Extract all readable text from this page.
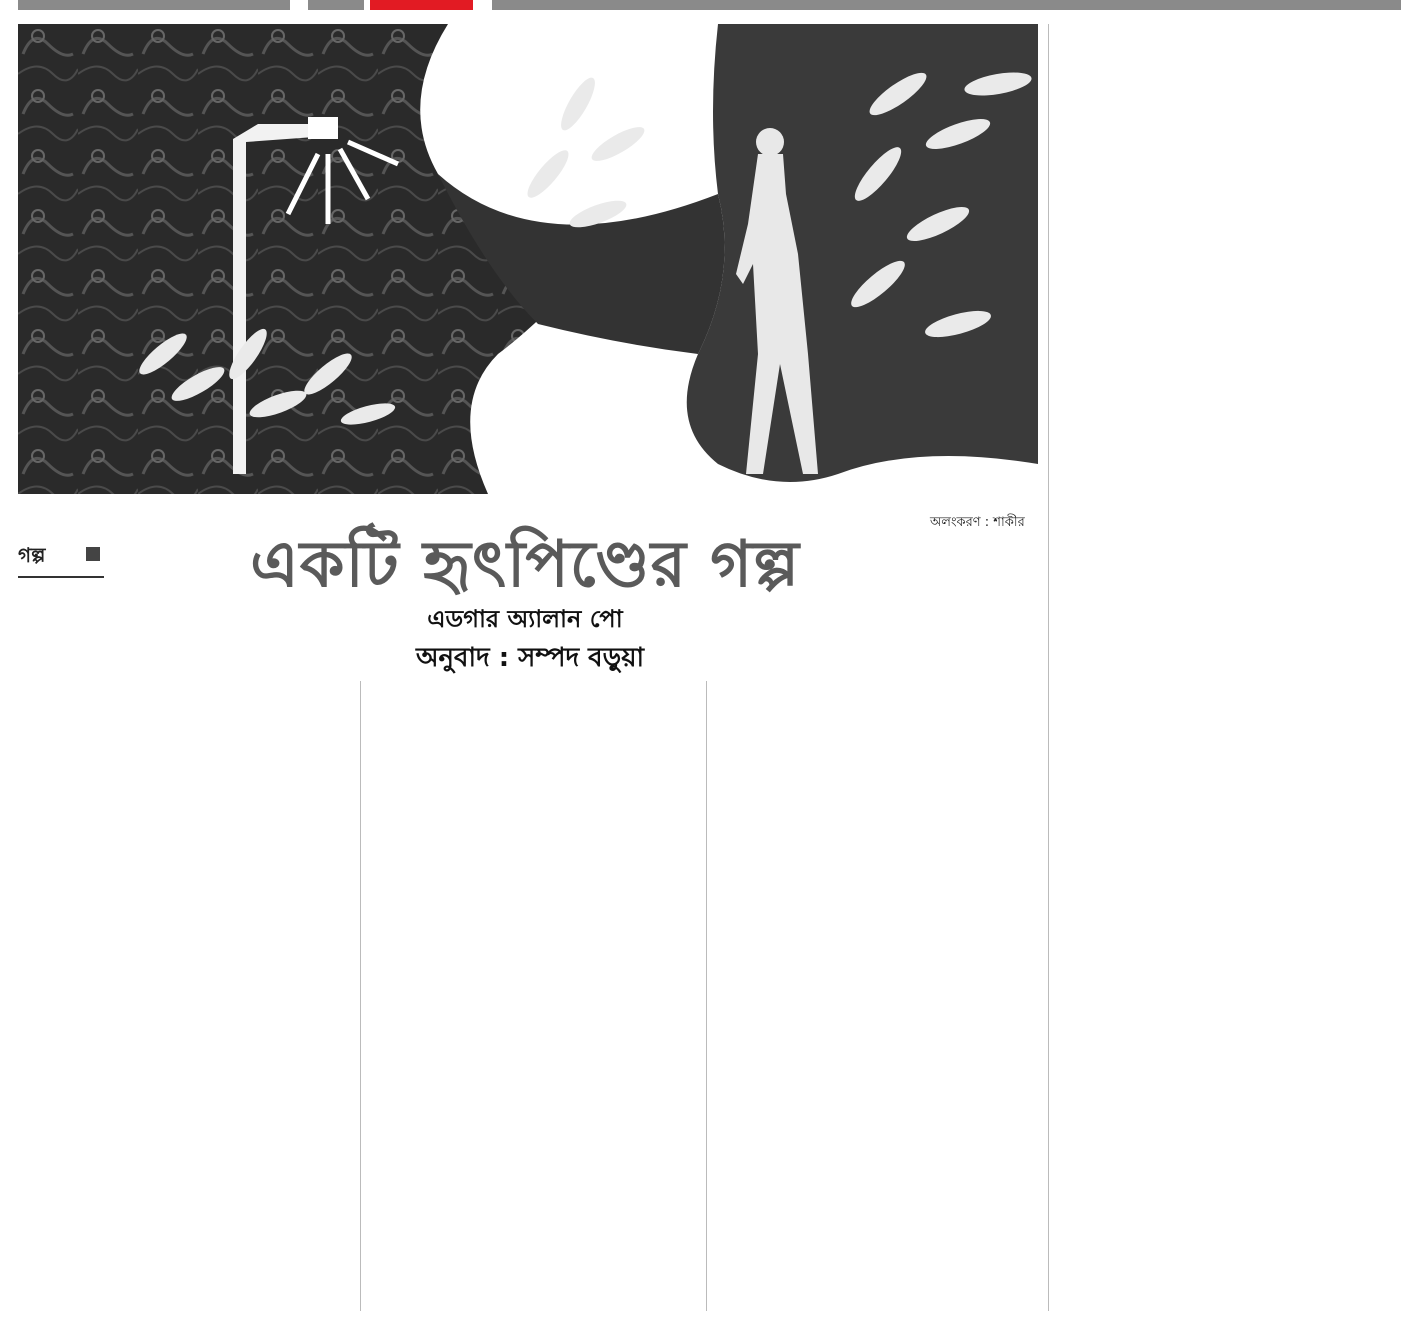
অলংকরণ : শাকীর
গল্প	একটি হৃৎপিণ্ডের গল্প
এডগার অ্যালান পো
অনুবাদ : সম্পদ বড়ুয়া
